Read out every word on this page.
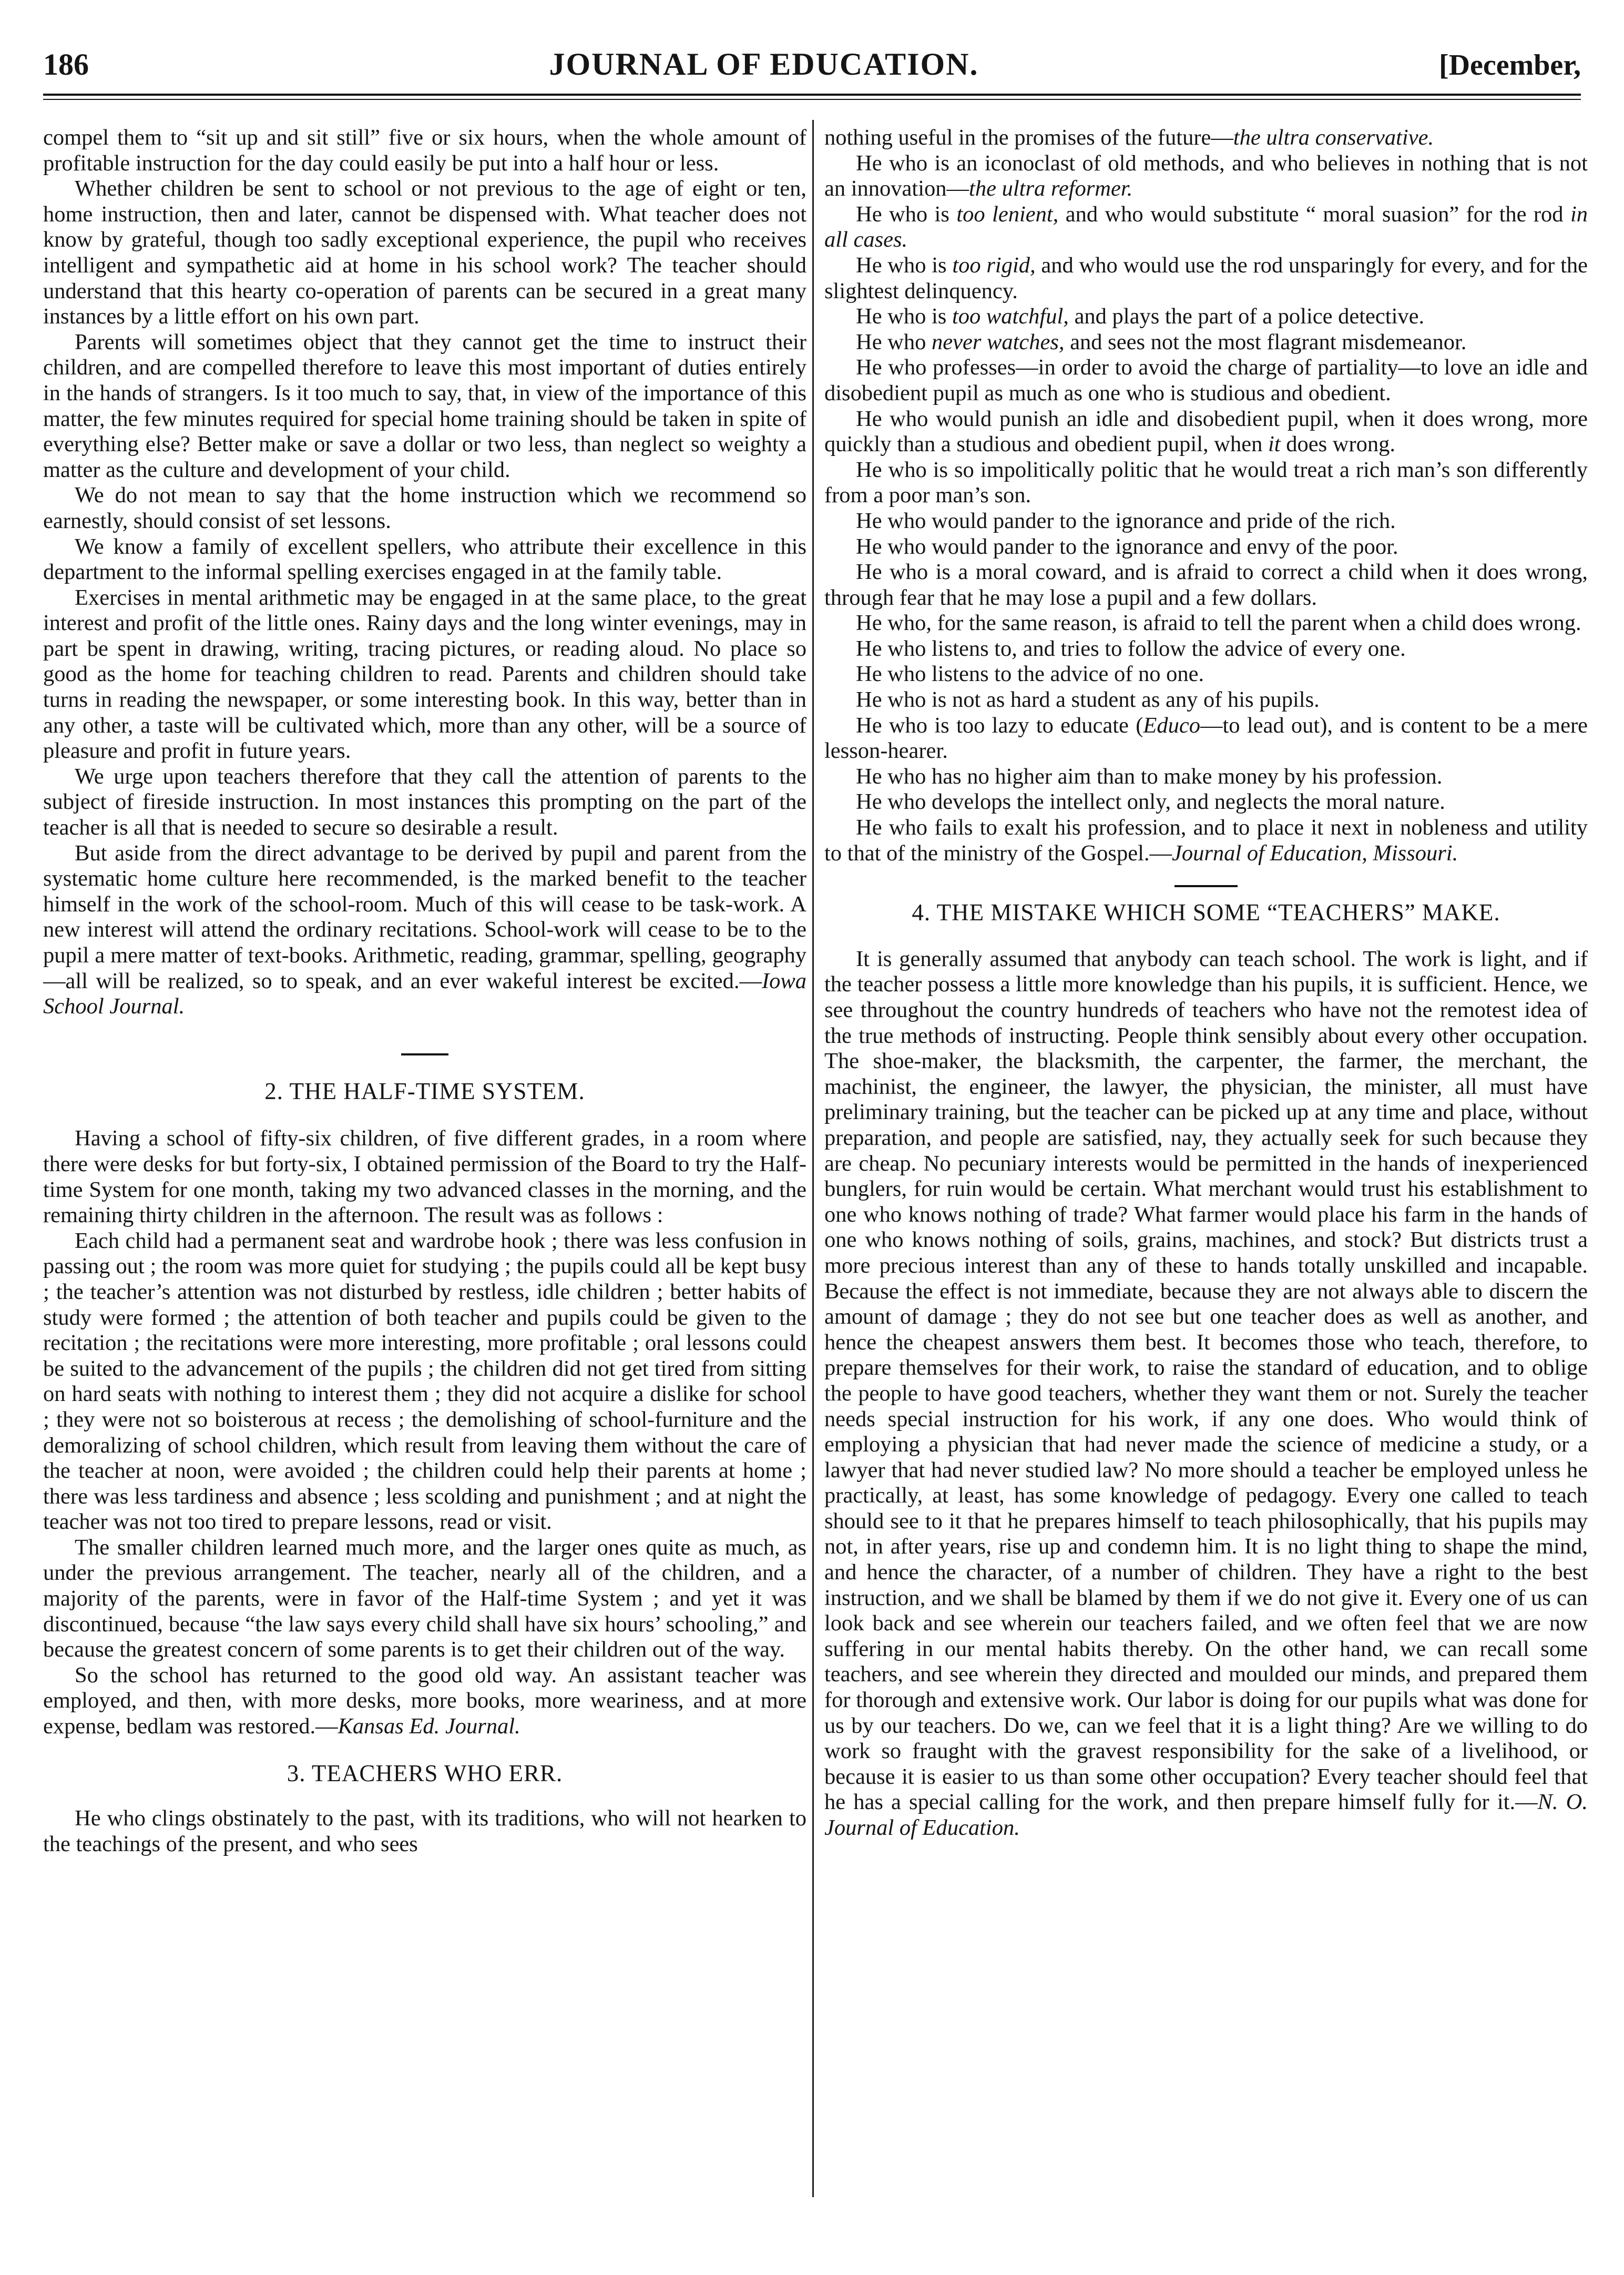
186	JOURNAL OF EDUCATION.	[December,

compel them to “sit up and sit still” five or six hours, when the whole amount of profitable instruction for the day could easily be put into a half hour or less.

Whether children be sent to school or not previous to the age of eight or ten, home instruction, then and later, cannot be dispensed with. What teacher does not know by grateful, though too sadly exceptional experience, the pupil who receives intelligent and sympathetic aid at home in his school work? The teacher should understand that this hearty co-operation of parents can be secured in a great many instances by a little effort on his own part.

Parents will sometimes object that they cannot get the time to instruct their children, and are compelled therefore to leave this most important of duties entirely in the hands of strangers. Is it too much to say, that, in view of the importance of this matter, the few minutes required for special home training should be taken in spite of everything else? Better make or save a dollar or two less, than neglect so weighty a matter as the culture and development of your child.

We do not mean to say that the home instruction which we recommend so earnestly, should consist of set lessons.

We know a family of excellent spellers, who attribute their excellence in this department to the informal spelling exercises engaged in at the family table.

Exercises in mental arithmetic may be engaged in at the same place, to the great interest and profit of the little ones. Rainy days and the long winter evenings, may in part be spent in drawing, writing, tracing pictures, or reading aloud. No place so good as the home for teaching children to read. Parents and children should take turns in reading the newspaper, or some interesting book. In this way, better than in any other, a taste will be cultivated which, more than any other, will be a source of pleasure and profit in future years.

We urge upon teachers therefore that they call the attention of parents to the subject of fireside instruction. In most instances this prompting on the part of the teacher is all that is needed to secure so desirable a result.

But aside from the direct advantage to be derived by pupil and parent from the systematic home culture here recommended, is the marked benefit to the teacher himself in the work of the school-room. Much of this will cease to be task-work. A new interest will attend the ordinary recitations. School-work will cease to be to the pupil a mere matter of text-books. Arithmetic, reading, grammar, spelling, geography—all will be realized, so to speak, and an ever wakeful interest be excited.—Iowa School Journal.

2. THE HALF-TIME SYSTEM.

Having a school of fifty-six children, of five different grades, in a room where there were desks for but forty-six, I obtained permission of the Board to try the Half-time System for one month, taking my two advanced classes in the morning, and the remaining thirty children in the afternoon. The result was as follows :

Each child had a permanent seat and wardrobe hook ; there was less confusion in passing out ; the room was more quiet for studying ; the pupils could all be kept busy ; the teacher’s attention was not disturbed by restless, idle children ; better habits of study were formed ; the attention of both teacher and pupils could be given to the recitation ; the recitations were more interesting, more profitable ; oral lessons could be suited to the advancement of the pupils ; the children did not get tired from sitting on hard seats with nothing to interest them ; they did not acquire a dislike for school ; they were not so boisterous at recess ; the demolishing of school-furniture and the demoralizing of school children, which result from leaving them without the care of the teacher at noon, were avoided ; the children could help their parents at home ; there was less tardiness and absence ; less scolding and punishment ; and at night the teacher was not too tired to prepare lessons, read or visit.

The smaller children learned much more, and the larger ones quite as much, as under the previous arrangement. The teacher, nearly all of the children, and a majority of the parents, were in favor of the Half-time System ; and yet it was discontinued, because “the law says every child shall have six hours’ schooling,” and because the greatest concern of some parents is to get their children out of the way.

So the school has returned to the good old way. An assistant teacher was employed, and then, with more desks, more books, more weariness, and at more expense, bedlam was restored.—Kansas Ed. Journal.

3. TEACHERS WHO ERR.

He who clings obstinately to the past, with its traditions, who will not hearken to the teachings of the present, and who sees

nothing useful in the promises of the future—the ultra conservative.

He who is an iconoclast of old methods, and who believes in nothing that is not an innovation—the ultra reformer.

He who is too lenient, and who would substitute “ moral suasion” for the rod in all cases.

He who is too rigid, and who would use the rod unsparingly for every, and for the slightest delinquency.

He who is too watchful, and plays the part of a police detective.

He who never watches, and sees not the most flagrant misdemeanor.

He who professes—in order to avoid the charge of partiality—to love an idle and disobedient pupil as much as one who is studious and obedient.

He who would punish an idle and disobedient pupil, when it does wrong, more quickly than a studious and obedient pupil, when it does wrong.

He who is so impolitically politic that he would treat a rich man’s son differently from a poor man’s son.

He who would pander to the ignorance and pride of the rich.

He who would pander to the ignorance and envy of the poor.

He who is a moral coward, and is afraid to correct a child when it does wrong, through fear that he may lose a pupil and a few dollars.

He who, for the same reason, is afraid to tell the parent when a child does wrong.

He who listens to, and tries to follow the advice of every one.

He who listens to the advice of no one.

He who is not as hard a student as any of his pupils.

He who is too lazy to educate (Educo—to lead out), and is content to be a mere lesson-hearer.

He who has no higher aim than to make money by his profession.

He who develops the intellect only, and neglects the moral nature.

He who fails to exalt his profession, and to place it next in nobleness and utility to that of the ministry of the Gospel.—Journal of Education, Missouri.

4. THE MISTAKE WHICH SOME “TEACHERS” MAKE.

It is generally assumed that anybody can teach school. The work is light, and if the teacher possess a little more knowledge than his pupils, it is sufficient. Hence, we see throughout the country hundreds of teachers who have not the remotest idea of the true methods of instructing. People think sensibly about every other occupation. The shoe-maker, the blacksmith, the carpenter, the farmer, the merchant, the machinist, the engineer, the lawyer, the physician, the minister, all must have preliminary training, but the teacher can be picked up at any time and place, without preparation, and people are satisfied, nay, they actually seek for such because they are cheap. No pecuniary interests would be permitted in the hands of inexperienced bunglers, for ruin would be certain. What merchant would trust his establishment to one who knows nothing of trade? What farmer would place his farm in the hands of one who knows nothing of soils, grains, machines, and stock? But districts trust a more precious interest than any of these to hands totally unskilled and incapable. Because the effect is not immediate, because they are not always able to discern the amount of damage ; they do not see but one teacher does as well as another, and hence the cheapest answers them best. It becomes those who teach, therefore, to prepare themselves for their work, to raise the standard of education, and to oblige the people to have good teachers, whether they want them or not. Surely the teacher needs special instruction for his work, if any one does. Who would think of employing a physician that had never made the science of medicine a study, or a lawyer that had never studied law? No more should a teacher be employed unless he practically, at least, has some knowledge of pedagogy. Every one called to teach should see to it that he prepares himself to teach philosophically, that his pupils may not, in after years, rise up and condemn him. It is no light thing to shape the mind, and hence the character, of a number of children. They have a right to the best instruction, and we shall be blamed by them if we do not give it. Every one of us can look back and see wherein our teachers failed, and we often feel that we are now suffering in our mental habits thereby. On the other hand, we can recall some teachers, and see wherein they directed and moulded our minds, and prepared them for thorough and extensive work. Our labor is doing for our pupils what was done for us by our teachers. Do we, can we feel that it is a light thing? Are we willing to do work so fraught with the gravest responsibility for the sake of a livelihood, or because it is easier to us than some other occupation? Every teacher should feel that he has a special calling for the work, and then prepare himself fully for it.—N. O. Journal of Education.
